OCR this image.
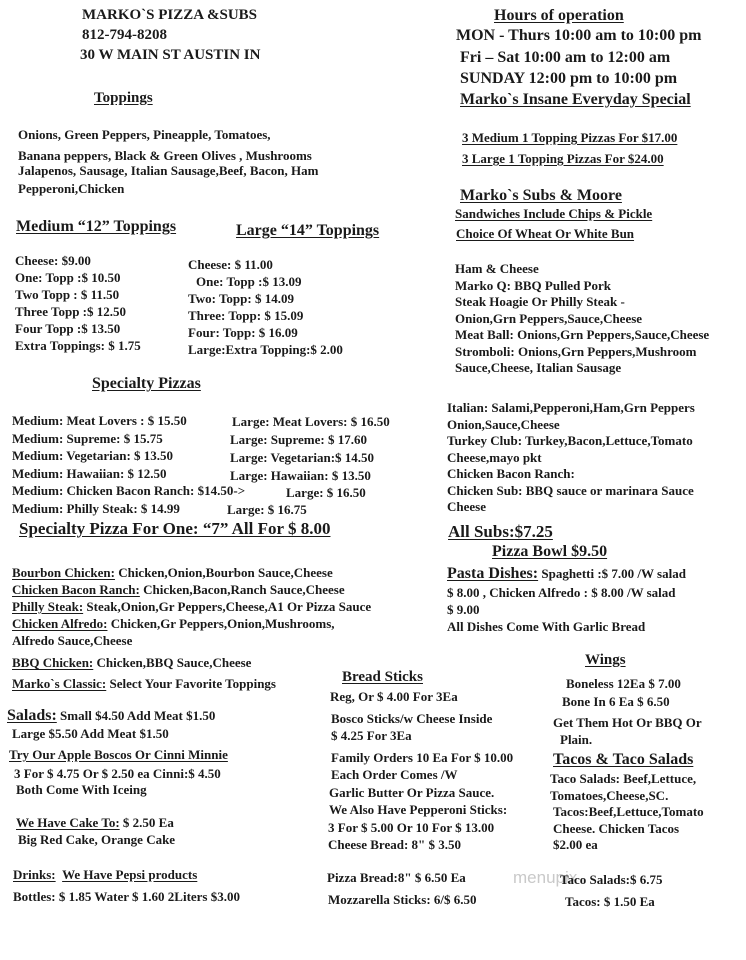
MARKO`S PIZZA &SUBS
812-794-8208
30 W MAIN ST AUSTIN IN
Hours of operation
MON - Thurs 10:00 am to 10:00 pm
Fri – Sat 10:00 am to 12:00 am
SUNDAY 12:00 pm to 10:00 pm
Marko`s Insane Everyday Special
3 Medium 1 Topping Pizzas For $17.00
3 Large 1 Topping Pizzas For $24.00
Toppings
Onions, Green Peppers, Pineapple, Tomatoes,
Banana peppers, Black & Green Olives , Mushrooms
Jalapenos, Sausage, Italian Sausage,Beef, Bacon, Ham
Pepperoni,Chicken
Medium “12” Toppings	Large “14” Toppings
Cheese: $9.00
One: Topp :$ 10.50
Two Topp : $ 11.50
Three Topp :$ 12.50
Four Topp :$ 13.50
Extra Toppings: $ 1.75
Cheese: $ 11.00
One: Topp :$ 13.09
Two: Topp: $ 14.09
Three: Topp: $ 15.09
Four: Topp: $ 16.09
Large:Extra Topping:$ 2.00
Marko`s Subs & Moore
Sandwiches Include Chips & Pickle
Choice Of Wheat Or White Bun
Ham & Cheese
Marko Q: BBQ Pulled Pork
Steak Hoagie Or Philly Steak -
Onion,Grn Peppers,Sauce,Cheese
Meat Ball: Onions,Grn Peppers,Sauce,Cheese
Stromboli: Onions,Grn Peppers,Mushroom
Sauce,Cheese, Italian Sausage
Italian: Salami,Pepperoni,Ham,Grn Peppers
Onion,Sauce,Cheese
Turkey Club: Turkey,Bacon,Lettuce,Tomato
Cheese,mayo pkt
Chicken Bacon Ranch:
Chicken Sub: BBQ sauce or marinara Sauce
Cheese
All Subs:$7.25
Pizza Bowl $9.50
Pasta Dishes: Spaghetti :$ 7.00 /W salad
$ 8.00 , Chicken Alfredo : $ 8.00 /W salad
$ 9.00
All Dishes Come With Garlic Bread
Specialty Pizzas
Medium: Meat Lovers : $ 15.50
Medium: Supreme: $ 15.75
Medium: Vegetarian: $ 13.50
Medium: Hawaiian: $ 12.50
Medium: Chicken Bacon Ranch: $14.50->
Medium: Philly Steak: $ 14.99
Large: Meat Lovers: $ 16.50
Large: Supreme: $ 17.60
Large: Vegetarian:$ 14.50
Large: Hawaiian: $ 13.50
Large: $ 16.50
Large: $ 16.75
Specialty Pizza For One: “7” All For $ 8.00
Bourbon Chicken: Chicken,Onion,Bourbon Sauce,Cheese
Chicken Bacon Ranch: Chicken,Bacon,Ranch Sauce,Cheese
Philly Steak: Steak,Onion,Gr Peppers,Cheese,A1 Or Pizza Sauce
Chicken Alfredo: Chicken,Gr Peppers,Onion,Mushrooms,
Alfredo Sauce,Cheese
BBQ Chicken: Chicken,BBQ Sauce,Cheese
Marko`s Classic: Select Your Favorite Toppings
Salads: Small $4.50 Add Meat $1.50
Large $5.50 Add Meat $1.50
Try Our Apple Boscos Or Cinni Minnie
3 For $ 4.75 Or $ 2.50 ea Cinni:$ 4.50
Both Come With Iceing
We Have Cake To: $ 2.50 Ea
Big Red Cake, Orange Cake
Drinks: We Have Pepsi products
Bottles: $ 1.85 Water $ 1.60 2Liters $3.00
Bread Sticks
Reg, Or $ 4.00 For 3Ea
Bosco Sticks/w Cheese Inside
$ 4.25 For 3Ea
Family Orders 10 Ea For $ 10.00
Each Order Comes /W
Garlic Butter Or Pizza Sauce.
We Also Have Pepperoni Sticks:
3 For $ 5.00 Or 10 For $ 13.00
Cheese Bread: 8" $ 3.50
Pizza Bread:8" $ 6.50 Ea
Mozzarella Sticks: 6/$ 6.50
Wings
Boneless 12Ea $ 7.00
Bone In 6 Ea $ 6.50
Get Them Hot Or BBQ Or
Plain.
Tacos & Taco Salads
Taco Salads: Beef,Lettuce,
Tomatoes,Cheese,SC.
Tacos:Beef,Lettuce,Tomato
Cheese. Chicken Tacos
$2.00 ea
menupix
Taco Salads:$ 6.75
Tacos: $ 1.50 Ea
